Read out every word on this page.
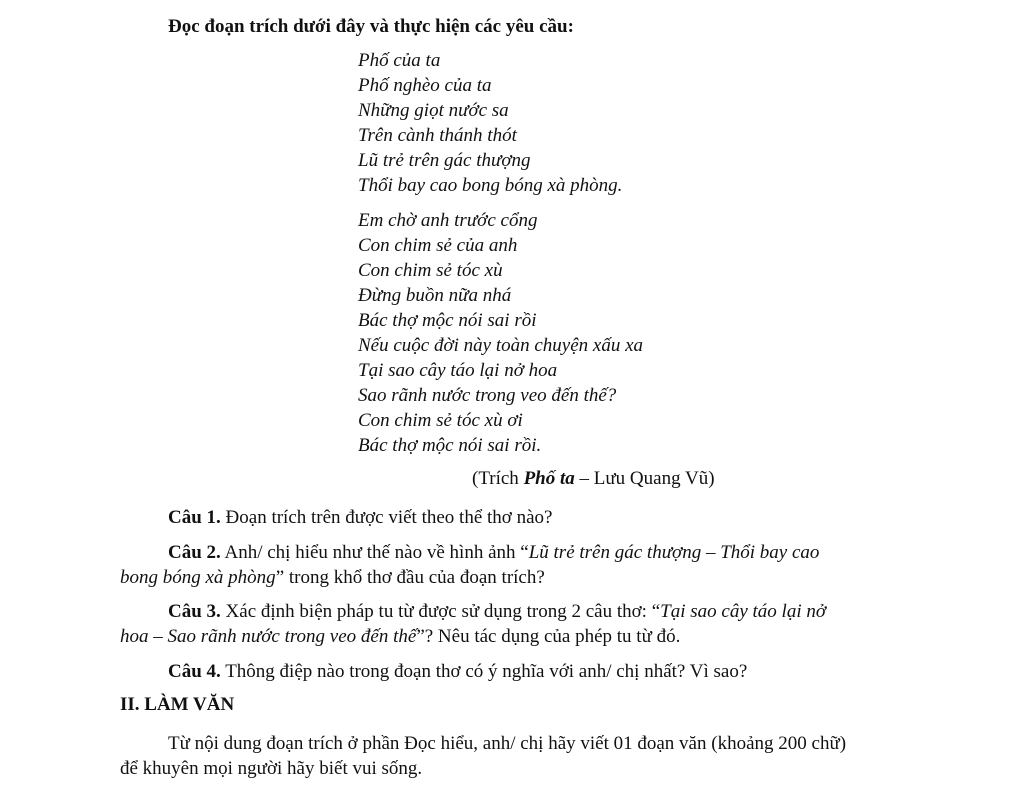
Đọc đoạn trích dưới đây và thực hiện các yêu cầu:
Phố của ta
Phố nghèo của ta
Những giọt nước sa
Trên cành thánh thót
Lũ trẻ trên gác thượng
Thổi bay cao bong bóng xà phòng.
Em chờ anh trước cổng
Con chim sẻ của anh
Con chim sẻ tóc xù
Đừng buồn nữa nhá
Bác thợ mộc nói sai rồi
Nếu cuộc đời này toàn chuyện xấu xa
Tại sao cây táo lại nở hoa
Sao rãnh nước trong veo đến thế?
Con chim sẻ tóc xù ơi
Bác thợ mộc nói sai rồi.
(Trích Phố ta – Lưu Quang Vũ)
Câu 1. Đoạn trích trên được viết theo thể thơ nào?
Câu 2. Anh/ chị hiểu như thế nào về hình ảnh “Lũ trẻ trên gác thượng – Thổi bay cao
bong bóng xà phòng” trong khổ thơ đầu của đoạn trích?
Câu 3. Xác định biện pháp tu từ được sử dụng trong 2 câu thơ: “Tại sao cây táo lại nở
hoa – Sao rãnh nước trong veo đến thế”? Nêu tác dụng của phép tu từ đó.
Câu 4. Thông điệp nào trong đoạn thơ có ý nghĩa với anh/ chị nhất? Vì sao?
II. LÀM VĂN
Từ nội dung đoạn trích ở phần Đọc hiểu, anh/ chị hãy viết 01 đoạn văn (khoảng 200 chữ)
để khuyên mọi người hãy biết vui sống.
